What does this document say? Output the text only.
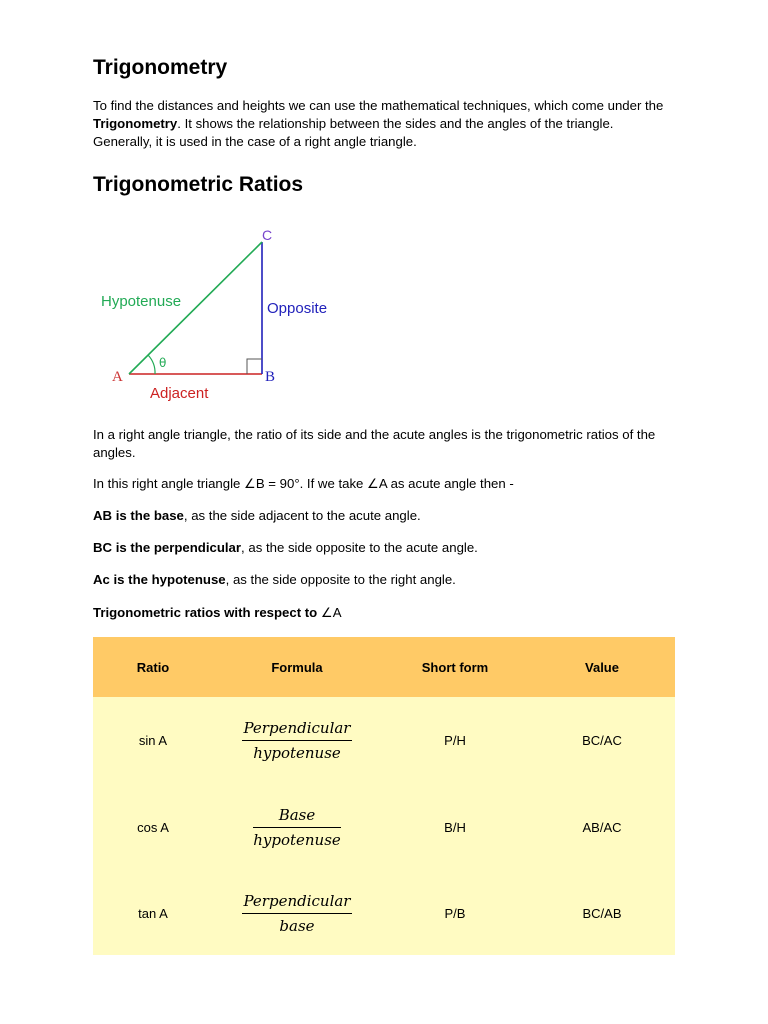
Trigonometry

To find the distances and heights we can use the mathematical techniques, which come under the Trigonometry. It shows the relationship between the sides and the angles of the triangle. Generally, it is used in the case of a right angle triangle.

Trigonometric Ratios
C
A	B
θ
Hypotenuse	Opposite
Adjacent

In a right angle triangle, the ratio of its side and the acute angles is the trigonometric ratios of the angles.

In this right angle triangle ∠B = 90°. If we take ∠A as acute angle then -

AB is the base, as the side adjacent to the acute angle.

BC is the perpendicular, as the side opposite to the acute angle.

Ac is the hypotenuse, as the side opposite to the right angle.

Trigonometric ratios with respect to ∠A

Ratio	Formula	Short form	Value
sin A	$\frac{\text{Perpendicular}}{\text{hypotenuse}}$	P/H	BC/AC
cos A	$\frac{\text{Base}}{\text{hypotenuse}}$	B/H	AB/AC
tan A	$\frac{\text{Perpendicular}}{\text{base}}$	P/B	BC/AB
